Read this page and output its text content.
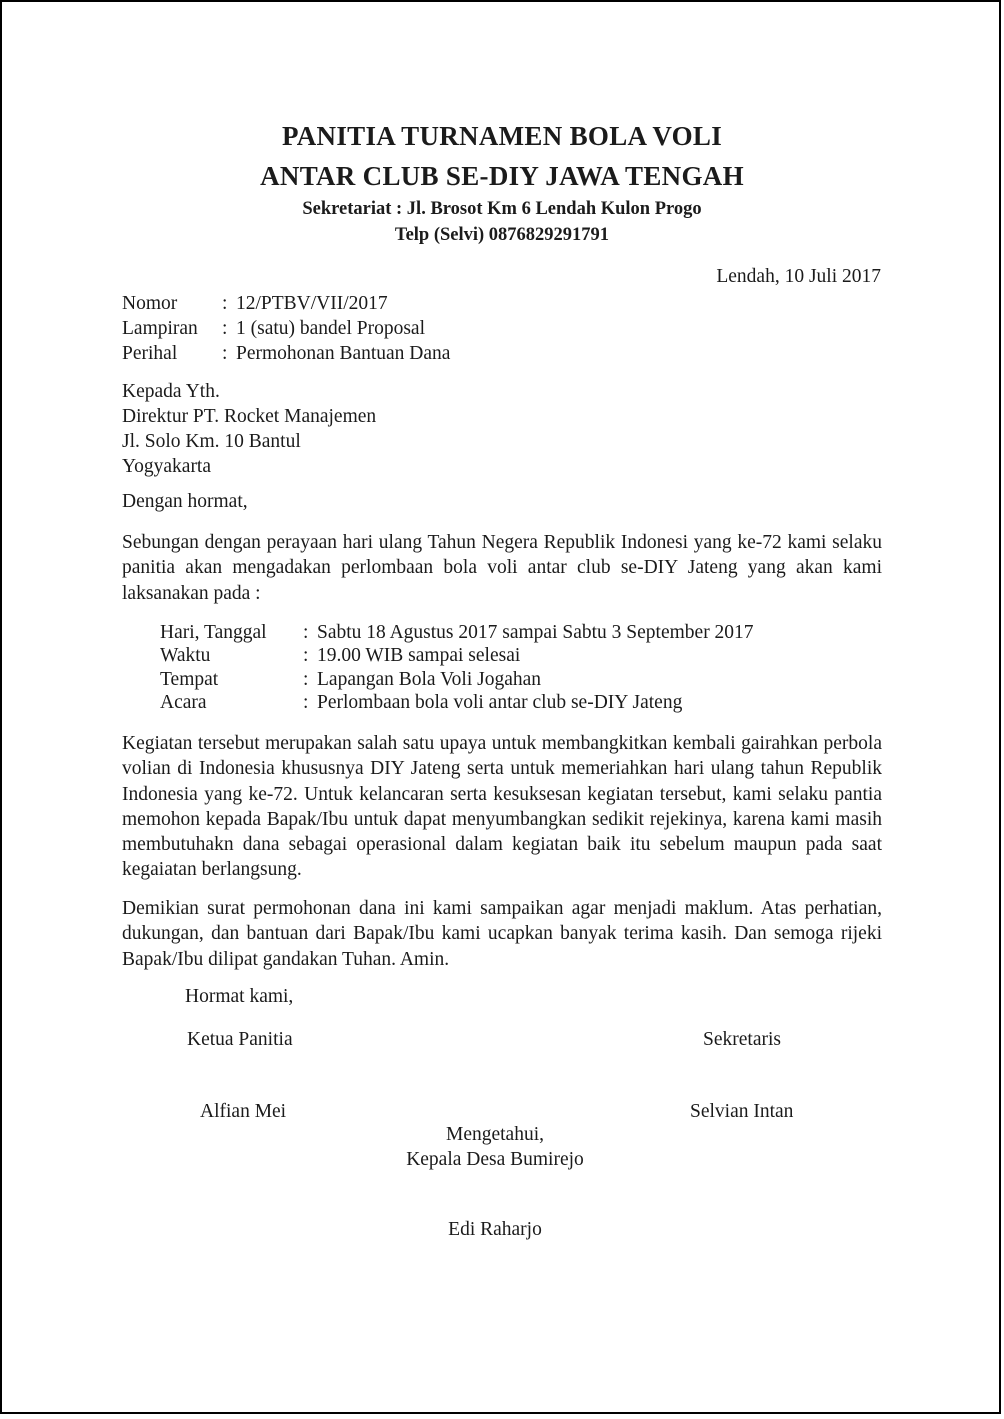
PANITIA TURNAMEN BOLA VOLI
ANTAR CLUB SE-DIY JAWA TENGAH
Sekretariat : Jl. Brosot Km 6 Lendah Kulon Progo
Telp (Selvi) 0876829291791
Lendah, 10 Juli 2017
Nomor	: 12/PTBV/VII/2017
Lampiran	: 1 (satu) bandel Proposal
Perihal	: Permohonan Bantuan Dana
Kepada Yth.
Direktur PT. Rocket Manajemen
Jl. Solo Km. 10 Bantul
Yogyakarta
Dengan hormat,

Sebungan dengan perayaan hari ulang Tahun Negera Republik Indonesi yang ke-72 kami selaku panitia akan mengadakan perlombaan bola voli antar club se-DIY Jateng yang akan kami laksanakan pada :

Hari, Tanggal	: Sabtu 18 Agustus 2017 sampai Sabtu 3 September 2017
Waktu	: 19.00 WIB sampai selesai
Tempat	: Lapangan Bola Voli Jogahan
Acara	: Perlombaan bola voli antar club se-DIY Jateng

Kegiatan tersebut merupakan salah satu upaya untuk membangkitkan kembali gairahkan perbola volian di Indonesia khususnya DIY Jateng serta untuk memeriahkan hari ulang tahun Republik Indonesia yang ke-72. Untuk kelancaran serta kesuksesan kegiatan tersebut, kami selaku pantia memohon kepada Bapak/Ibu untuk dapat menyumbangkan sedikit rejekinya, karena kami masih membutuhakn dana sebagai operasional dalam kegiatan baik itu sebelum maupun pada saat kegaiatan berlangsung.

Demikian surat permohonan dana ini kami sampaikan agar menjadi maklum. Atas perhatian, dukungan, dan bantuan dari Bapak/Ibu kami ucapkan banyak terima kasih. Dan semoga rijeki Bapak/Ibu dilipat gandakan Tuhan. Amin.

Hormat kami,
Ketua Panitia	Sekretaris
Alfian Mei	Selvian Intan
Mengetahui,
Kepala Desa Bumirejo
Edi Raharjo
